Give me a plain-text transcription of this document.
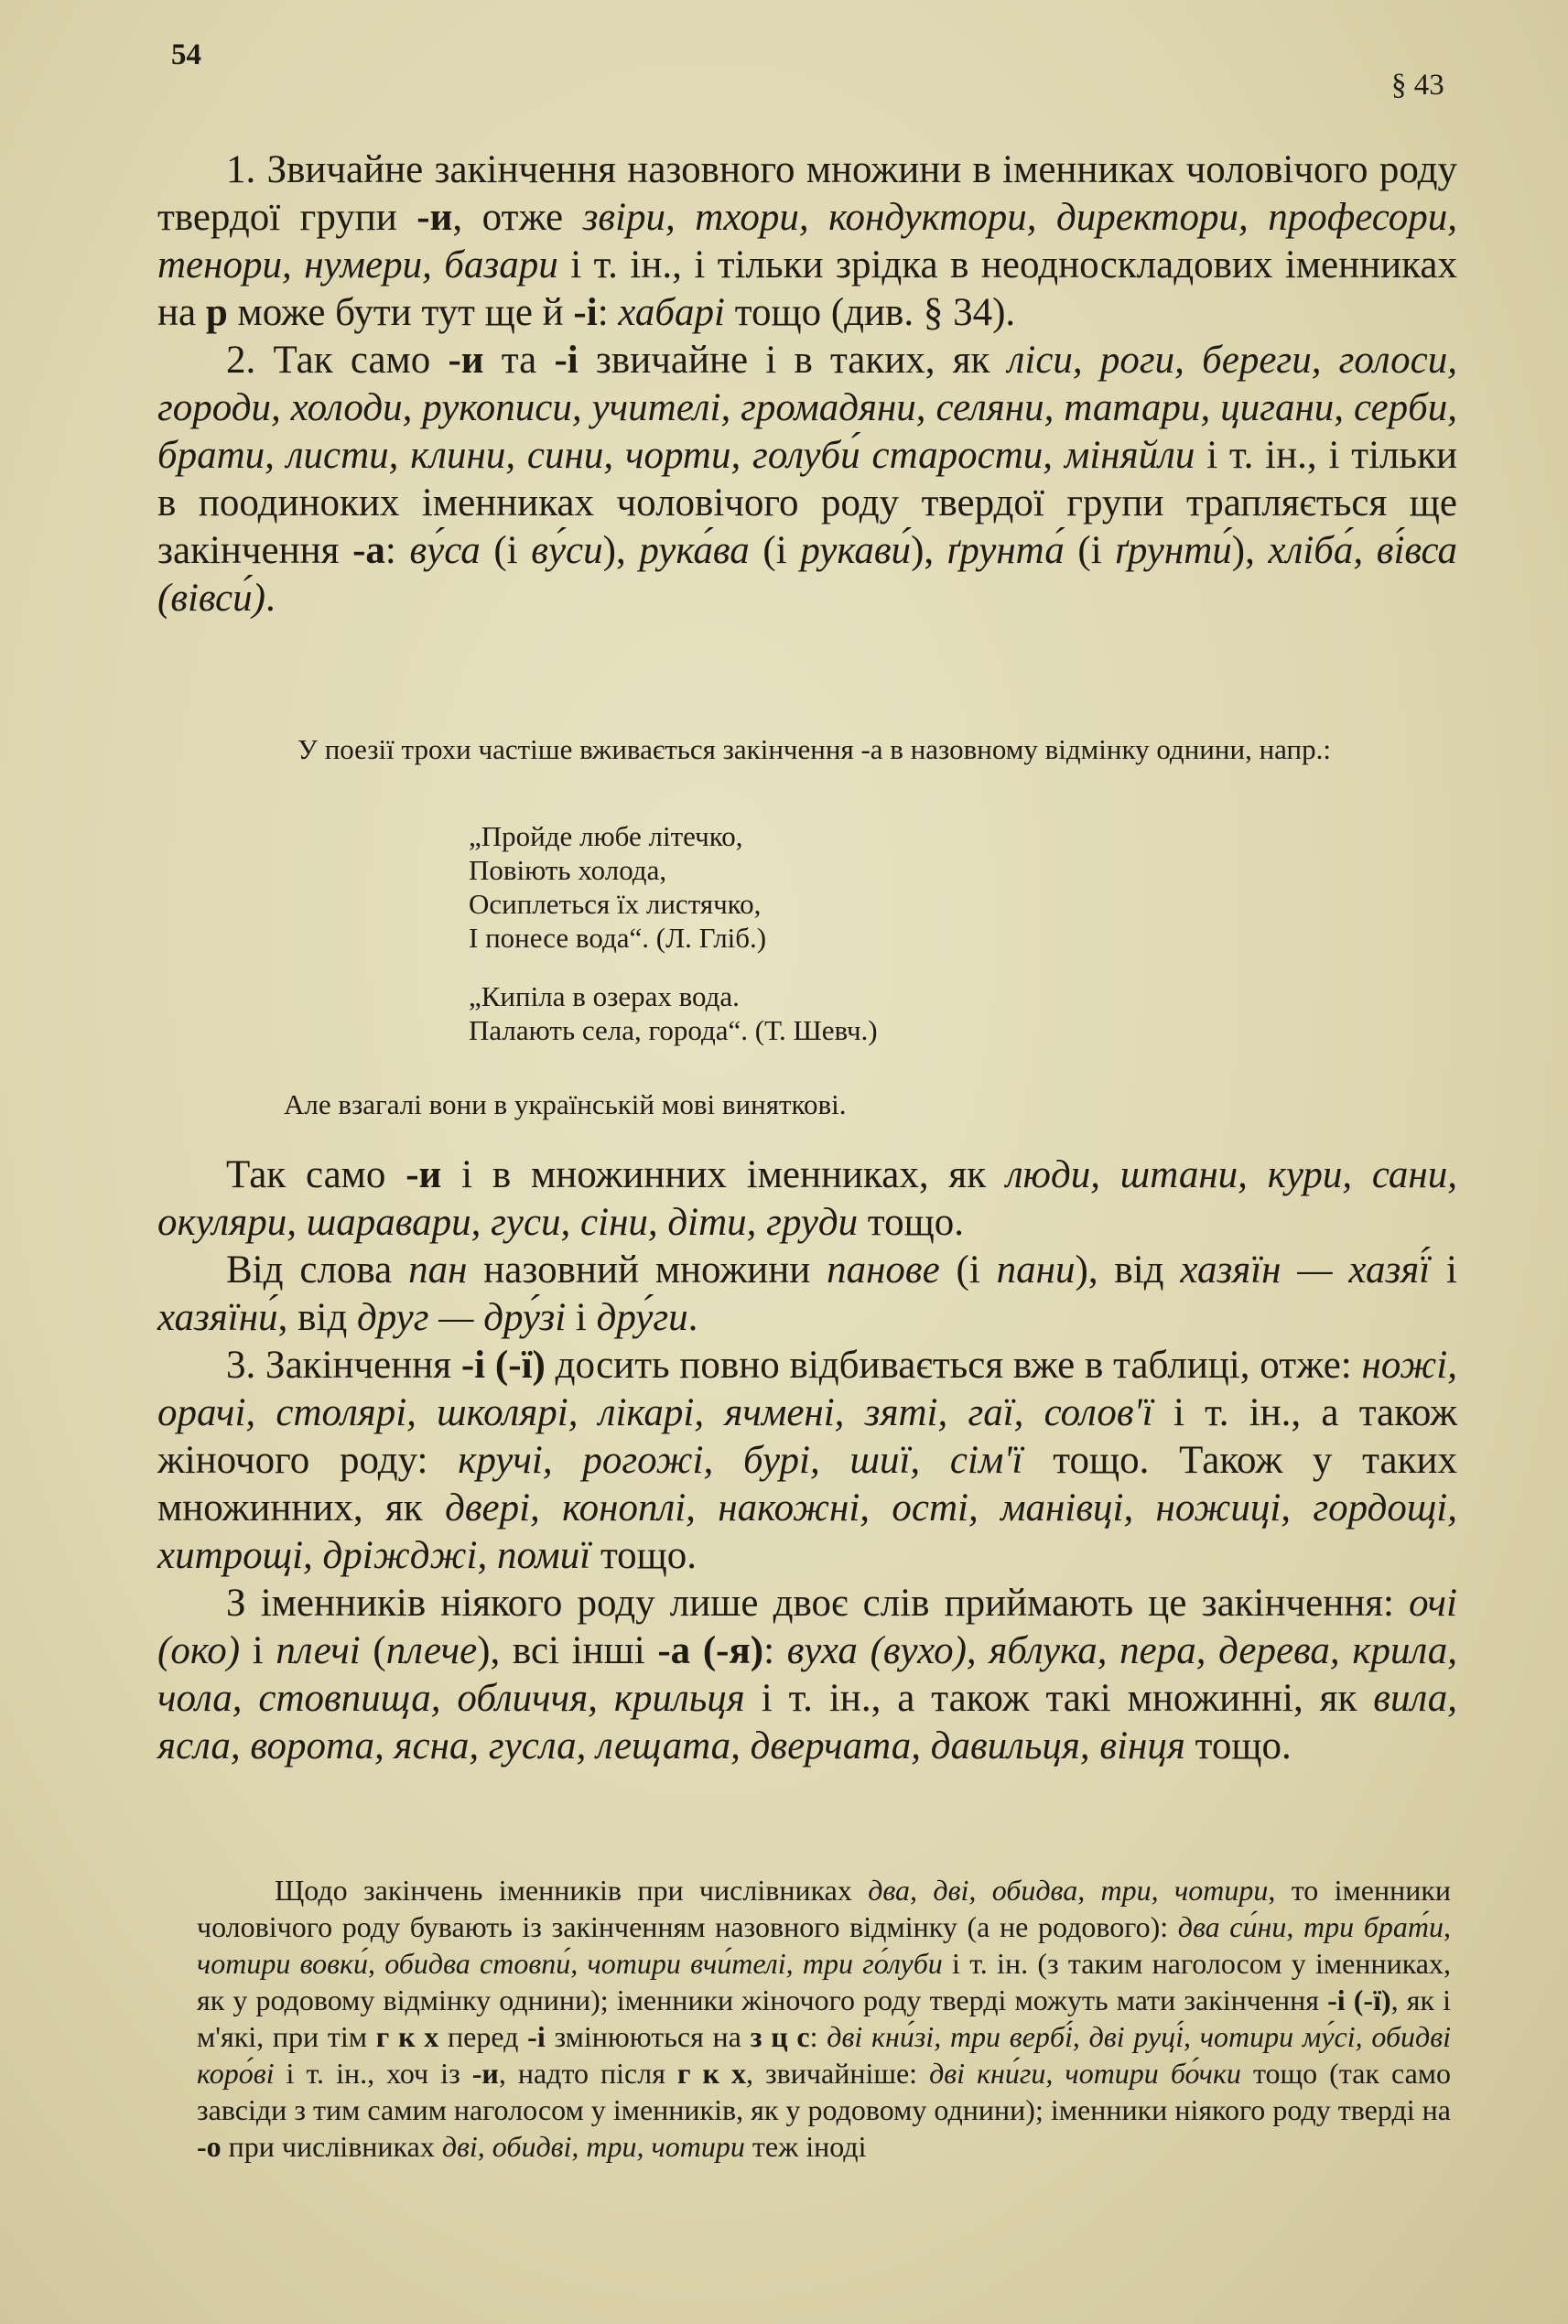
54
§ 43

1. Звичайне закінчення назовного множини в іменниках чоловічого роду твердої групи -и, отже звіри, тхори, кондуктори, директори, професори, тенори, нумери, базари і т. ін., і тільки зрідка в неодноскладових іменниках на р може бути тут ще й -і: хабарі тощо (див. § 34).

2. Так само -и та -і звичайне і в таких, як ліси, роги, береги, голоси, городи, холоди, рукописи, учителі, громадяни, селяни, татари, цигани, серби, брати, листи, клини, сини, чорти, голуби́ старости, міняйли і т. ін., і тільки в поодиноких іменниках чоловічого роду твердої групи трапляється ще закінчення -а: ву́са (і ву́си), рука́ва (і рукави́), ґрунта́ (і ґрунти́), хліба́, ві́вса (вівси́).

У поезії трохи частіше вживається закінчення -а в назовному відмінку однини, напр.:

„Пройде любе літечко,
Повіють холода,
Осиплеться їх листячко,
І понесе вода“. (Л. Гліб.)
„Кипіла в озерах вода.
Палають села, города“. (Т. Шевч.)

Але взагалі вони в українській мові виняткові.

Так само -и і в множинних іменниках, як люди, штани, кури, сани, окуляри, шаравари, гуси, сіни, діти, груди тощо.

Від слова пан назовний множини панове (і пани), від хазяїн — хазяї́ і хазяїни́, від друг — дру́зі і дру́ги.

3. Закінчення -і (-ї) досить повно відбивається вже в таблиці, отже: ножі, орачі, столярі, школярі, лікарі, ячмені, зяті, гаї, солов'ї і т. ін., а також жіночого роду: кручі, рогожі, бурі, шиї, сім'ї тощо. Також у таких множинних, як двері, коноплі, накожні, ості, манівці, ножиці, гордощі, хитрощі, дріжджі, помиї тощо.

З іменників ніякого роду лише двоє слів приймають це закінчення: очі (око) і плечі (плече), всі інші -а (-я): вуха (вухо), яблука, пера, дерева, крила, чола, стовпища, обличчя, крильця і т. ін., а також такі множинні, як вила, ясла, ворота, ясна, гусла, лещата, дверчата, давильця, вінця тощо.

Щодо закінчень іменників при числівниках два, дві, обидва, три, чотири, то іменники чоловічого роду бувають із закінченням назовного відмінку (а не родового): два си́ни, три брат́и, чотири вовки́, обидва стовпи́, чотири вчи́телі, три го́луби і т. ін. (з таким наголосом у іменниках, як у родовому відмінку однини); іменники жіночого роду тверді можуть мати закінчення -і (-ї), як і м'які, при тім г к х перед -і змінюються на з ц с: дві кни́зі, три вербі́, дві руці́, чотири му́сі, обидві коро́ві і т. ін., хоч із -и, надто після г к х, звичайніше: дві кни́ги, чотири бо́чки тощо (так само завсіди з тим самим наголосом у іменників, як у родовому однини); іменники ніякого роду тверді на -о при числівниках дві, обидві, три, чотири теж іноді
